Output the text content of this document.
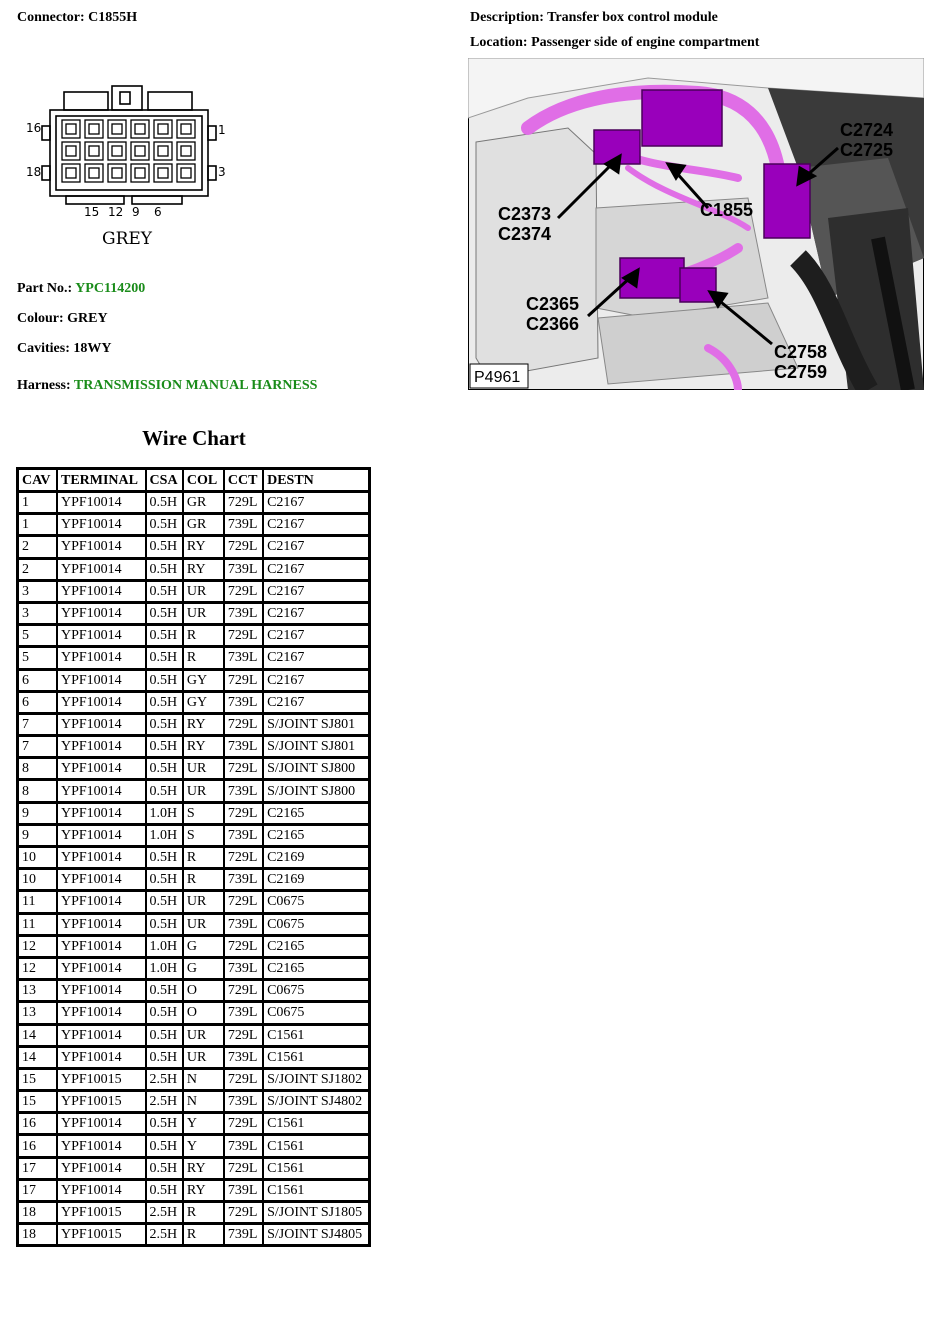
Connector: C1855H	Description: Transfer box control module
Location: Passenger side of engine compartment
16	1
18	3
15 12 9 6
GREY
Part No.: YPC114200
Colour: GREY
Cavities: 18WY
Harness: TRANSMISSION MANUAL HARNESS
C2724
C2725
C2373
C2374
C1855
C2365
C2366
C2758
C2759
P4961
Wire Chart
CAV	TERMINAL	CSA	COL	CCT	DESTN
1	YPF10014	0.5H	GR	729L	C2167
1	YPF10014	0.5H	GR	739L	C2167
2	YPF10014	0.5H	RY	729L	C2167
2	YPF10014	0.5H	RY	739L	C2167
3	YPF10014	0.5H	UR	729L	C2167
3	YPF10014	0.5H	UR	739L	C2167
5	YPF10014	0.5H	R	729L	C2167
5	YPF10014	0.5H	R	739L	C2167
6	YPF10014	0.5H	GY	729L	C2167
6	YPF10014	0.5H	GY	739L	C2167
7	YPF10014	0.5H	RY	729L	S/JOINT SJ801
7	YPF10014	0.5H	RY	739L	S/JOINT SJ801
8	YPF10014	0.5H	UR	729L	S/JOINT SJ800
8	YPF10014	0.5H	UR	739L	S/JOINT SJ800
9	YPF10014	1.0H	S	729L	C2165
9	YPF10014	1.0H	S	739L	C2165
10	YPF10014	0.5H	R	729L	C2169
10	YPF10014	0.5H	R	739L	C2169
11	YPF10014	0.5H	UR	729L	C0675
11	YPF10014	0.5H	UR	739L	C0675
12	YPF10014	1.0H	G	729L	C2165
12	YPF10014	1.0H	G	739L	C2165
13	YPF10014	0.5H	O	729L	C0675
13	YPF10014	0.5H	O	739L	C0675
14	YPF10014	0.5H	UR	729L	C1561
14	YPF10014	0.5H	UR	739L	C1561
15	YPF10015	2.5H	N	729L	S/JOINT SJ1802
15	YPF10015	2.5H	N	739L	S/JOINT SJ4802
16	YPF10014	0.5H	Y	729L	C1561
16	YPF10014	0.5H	Y	739L	C1561
17	YPF10014	0.5H	RY	729L	C1561
17	YPF10014	0.5H	RY	739L	C1561
18	YPF10015	2.5H	R	729L	S/JOINT SJ1805
18	YPF10015	2.5H	R	739L	S/JOINT SJ4805
